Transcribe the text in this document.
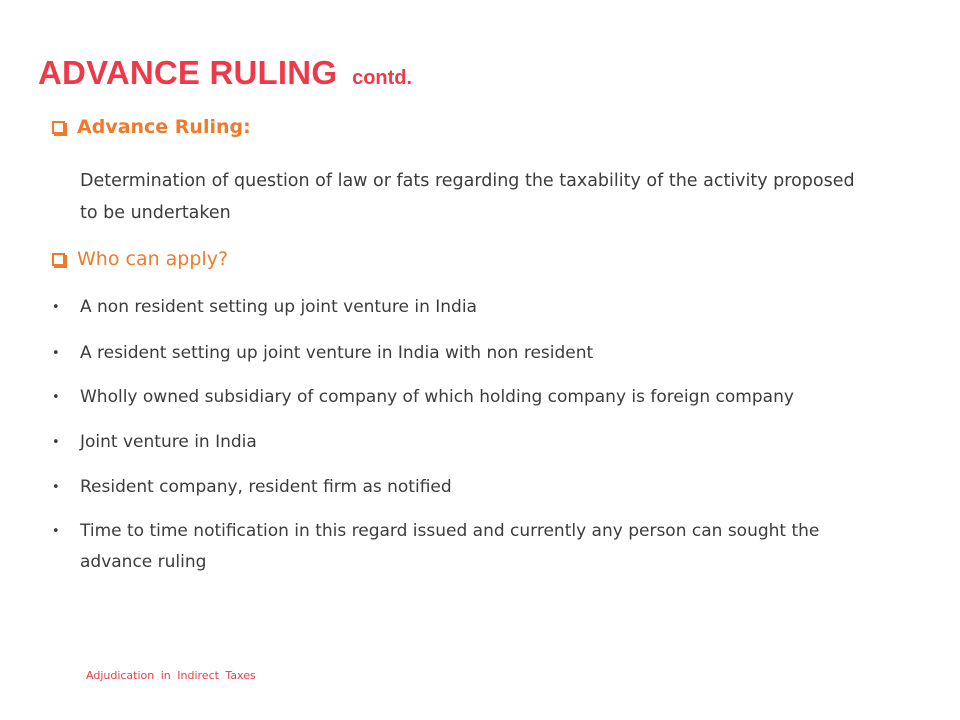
ADVANCE RULING contd.
Advance Ruling:

Determination of question of law or fats regarding the taxability of the activity proposed to be undertaken

Who can apply?
•	A non resident setting up joint venture in India
•	A resident setting up joint venture in India with non resident
•	Wholly owned subsidiary of company of which holding company is foreign company
•	Joint venture in India
•	Resident company, resident firm as notified
•	Time to time notification in this regard issued and currently any person can sought the advance ruling

Adjudication in Indirect Taxes
